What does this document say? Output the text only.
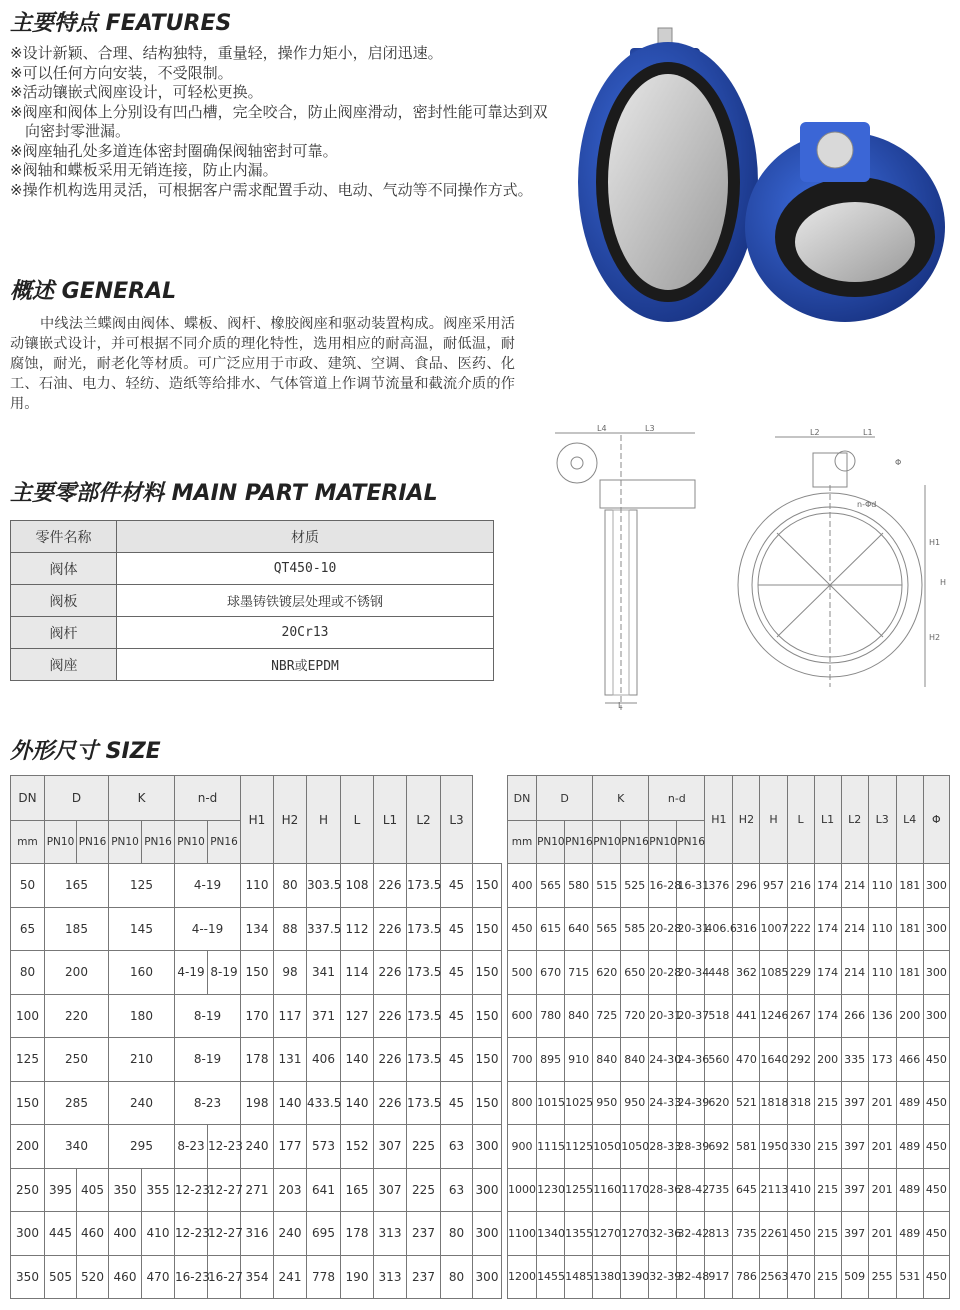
主要特点 FEATURES
※设计新颖、合理、结构独特，重量轻，操作力矩小，启闭迅速。
※可以任何方向安装，不受限制。
※活动镶嵌式阀座设计，可轻松更换。
※阀座和阀体上分别设有凹凸槽，完全咬合，防止阀座滑动，密封性能可靠达到双向密封零泄漏。
※阀座轴孔处多道连体密封圈确保阀轴密封可靠。
※阀轴和蝶板采用无销连接，防止内漏。
※操作机构选用灵活，可根据客户需求配置手动、电动、气动等不同操作方式。
概述 GENERAL
中线法兰蝶阀由阀体、蝶板、阀杆、橡胶阀座和驱动装置构成。阀座采用活动镶嵌式设计，并可根据不同介质的理化特性，选用相应的耐高温，耐低温，耐腐蚀，耐光，耐老化等材质。可广泛应用于市政、建筑、空调、食品、医药、化工、石油、电力、轻纺、造纸等给排水、气体管道上作调节流量和截流介质的作用。
L4	L3	L2	L1
L
H1
H2
H
Φ
n-Φd
主要零部件材料 MAIN PART MATERIAL
零件名称	材质
阀体	QT450-10
阀板	球墨铸铁镀层处理或不锈钢
阀杆	20Cr13
阀座	NBR或EPDM
外形尺寸 SIZE
DN	D		K		n-d		H1	H2	H	L	L1	L2	L3	
mm	PN10	PN16	PN10	PN16	PN10	PN16								
50	165		125		4-19		110	80	303.5	108	226	173.5	45	150
65	185		145		4--19		134	88	337.5	112	226	173.5	45	150
80	200		160		4-19	8-19	150	98	341	114	226	173.5	45	150
100	220		180		8-19		170	117	371	127	226	173.5	45	150
125	250		210		8-19		178	131	406	140	226	173.5	45	150
150	285		240		8-23		198	140	433.5	140	226	173.5	45	150
200	340		295		8-23	12-23	240	177	573	152	307	225	63	300
250	395	405	350	355	12-23	12-27	271	203	641	165	307	225	63	300
300	445	460	400	410	12-23	12-27	316	240	695	178	313	237	80	300
350	505	520	460	470	16-23	16-27	354	241	778	190	313	237	80	300
DN	D		K		n-d		H1	H2	H	L	L1	L2	L3	L4	Φ
mm	PN10	PN16	PN10	PN16	PN10	PN16									
400	565	580	515	525	16-28	16-31	376	296	957	216	174	214	110	181	300
450	615	640	565	585	20-28	20-31	406.6	316	1007	222	174	214	110	181	300
500	670	715	620	650	20-28	20-34	448	362	1085	229	174	214	110	181	300
600	780	840	725	720	20-31	20-37	518	441	1246	267	174	266	136	200	300
700	895	910	840	840	24-30	24-36	560	470	1640	292	200	335	173	466	450
800	1015	1025	950	950	24-33	24-39	620	521	1818	318	215	397	201	489	450
900	1115	1125	1050	1050	28-33	28-39	692	581	1950	330	215	397	201	489	450
1000	1230	1255	1160	1170	28-36	28-42	735	645	2113	410	215	397	201	489	450
1100	1340	1355	1270	1270	32-36	32-42	813	735	2261	450	215	397	201	489	450
1200	1455	1485	1380	1390	32-39	32-48	917	786	2563	470	215	509	255	531	450
